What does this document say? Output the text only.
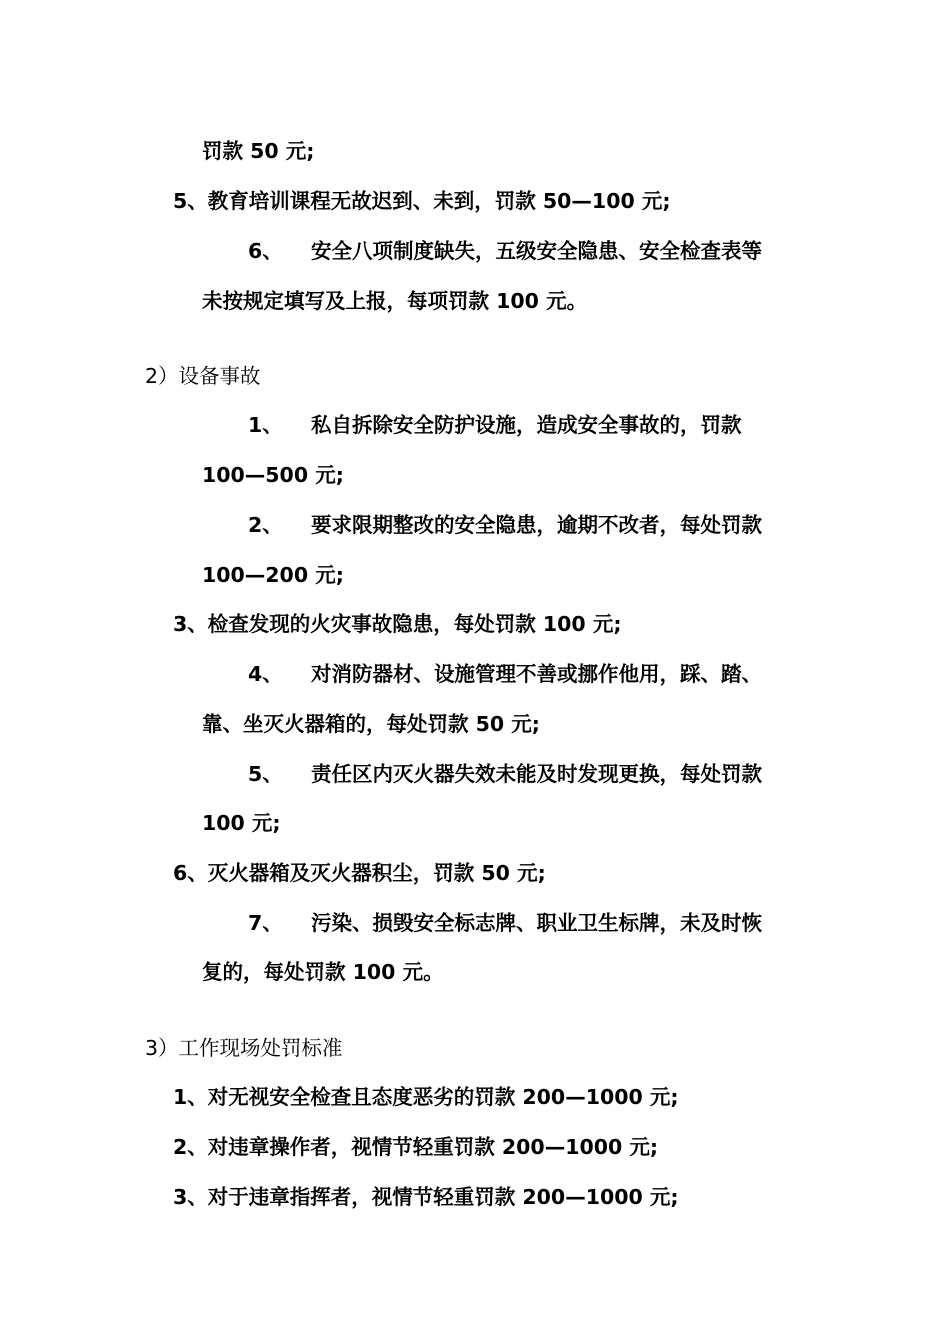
罚款 50 元;
5、教育培训课程无故迟到、未到，罚款 50—100 元;
6、 安全八项制度缺失，五级安全隐患、安全检查表等
未按规定填写及上报，每项罚款 100 元。
2）设备事故
1、 私自拆除安全防护设施，造成安全事故的，罚款
100—500 元;
2、 要求限期整改的安全隐患，逾期不改者，每处罚款
100—200 元;
3、检查发现的火灾事故隐患，每处罚款 100 元;
4、 对消防器材、设施管理不善或挪作他用，踩、踏、
靠、坐灭火器箱的，每处罚款 50 元;
5、 责任区内灭火器失效未能及时发现更换，每处罚款
100 元;
6、灭火器箱及灭火器积尘，罚款 50 元;
7、 污染、损毁安全标志牌、职业卫生标牌，未及时恢
复的，每处罚款 100 元。
3）工作现场处罚标准
1、对无视安全检查且态度恶劣的罚款 200—1000 元;
2、对违章操作者，视情节轻重罚款 200—1000 元;
3、对于违章指挥者，视情节轻重罚款 200—1000 元;
